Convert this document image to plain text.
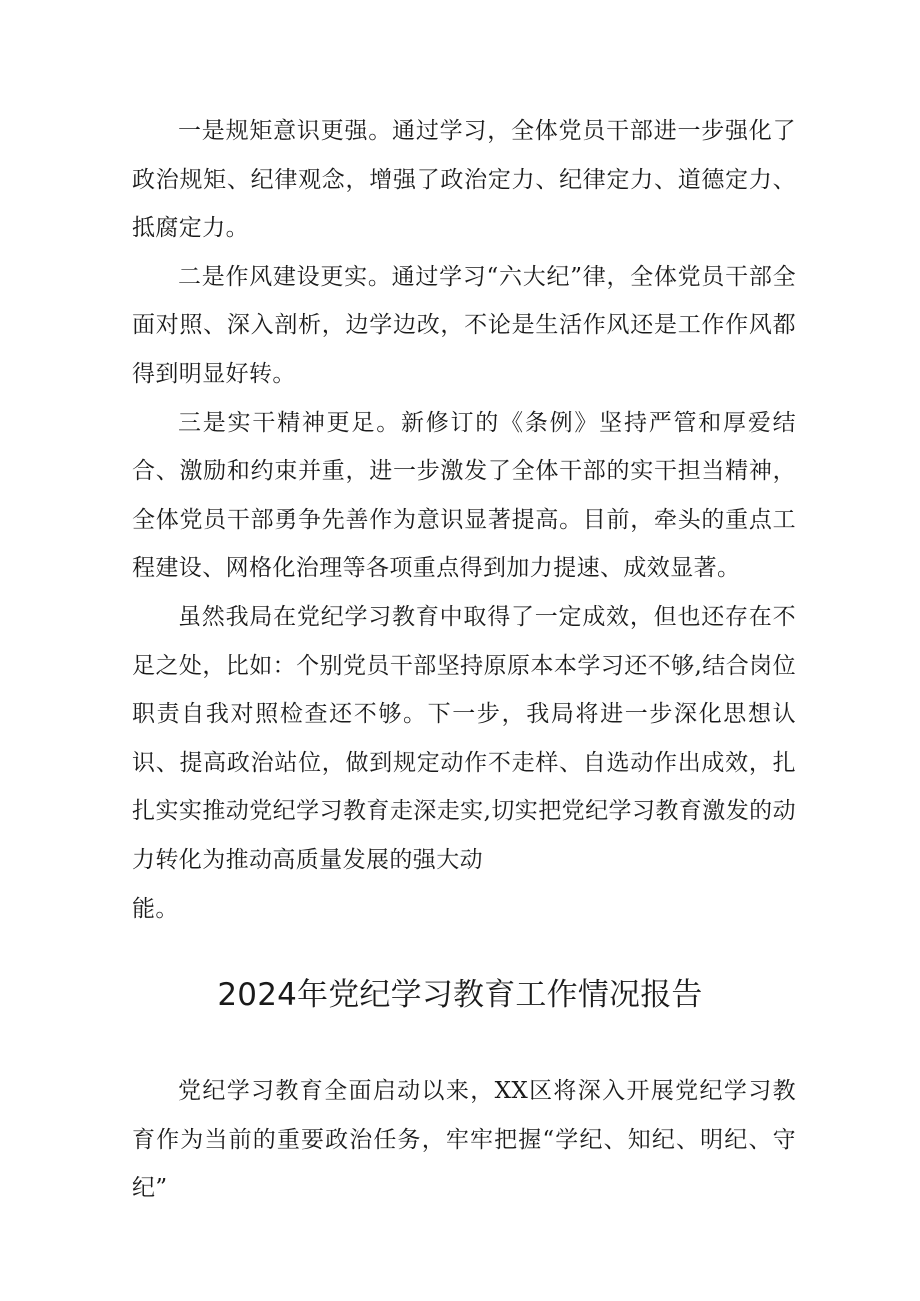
一是规矩意识更强。通过学习，全体党员干部进一步强化了政治规矩、纪律观念，增强了政治定力、纪律定力、道德定力、抵腐定力。

二是作风建设更实。通过学习“六大纪”律，全体党员干部全面对照、深入剖析，边学边改，不论是生活作风还是工作作风都得到明显好转。

三是实干精神更足。新修订的《条例》坚持严管和厚爱结合、激励和约束并重，进一步激发了全体干部的实干担当精神，全体党员干部勇争先善作为意识显著提高。目前，牵头的重点工程建设、网格化治理等各项重点得到加力提速、成效显著。

虽然我局在党纪学习教育中取得了一定成效，但也还存在不足之处，比如：个别党员干部坚持原原本本学习还不够,结合岗位职责自我对照检查还不够。下一步，我局将进一步深化思想认识、提高政治站位，做到规定动作不走样、自选动作出成效，扎扎实实推动党纪学习教育走深走实,切实把党纪学习教育激发的动力转化为推动高质量发展的强大动

能。

2024年党纪学习教育工作情况报告

党纪学习教育全面启动以来，XX区将深入开展党纪学习教育作为当前的重要政治任务，牢牢把握“学纪、知纪、明纪、守纪”
